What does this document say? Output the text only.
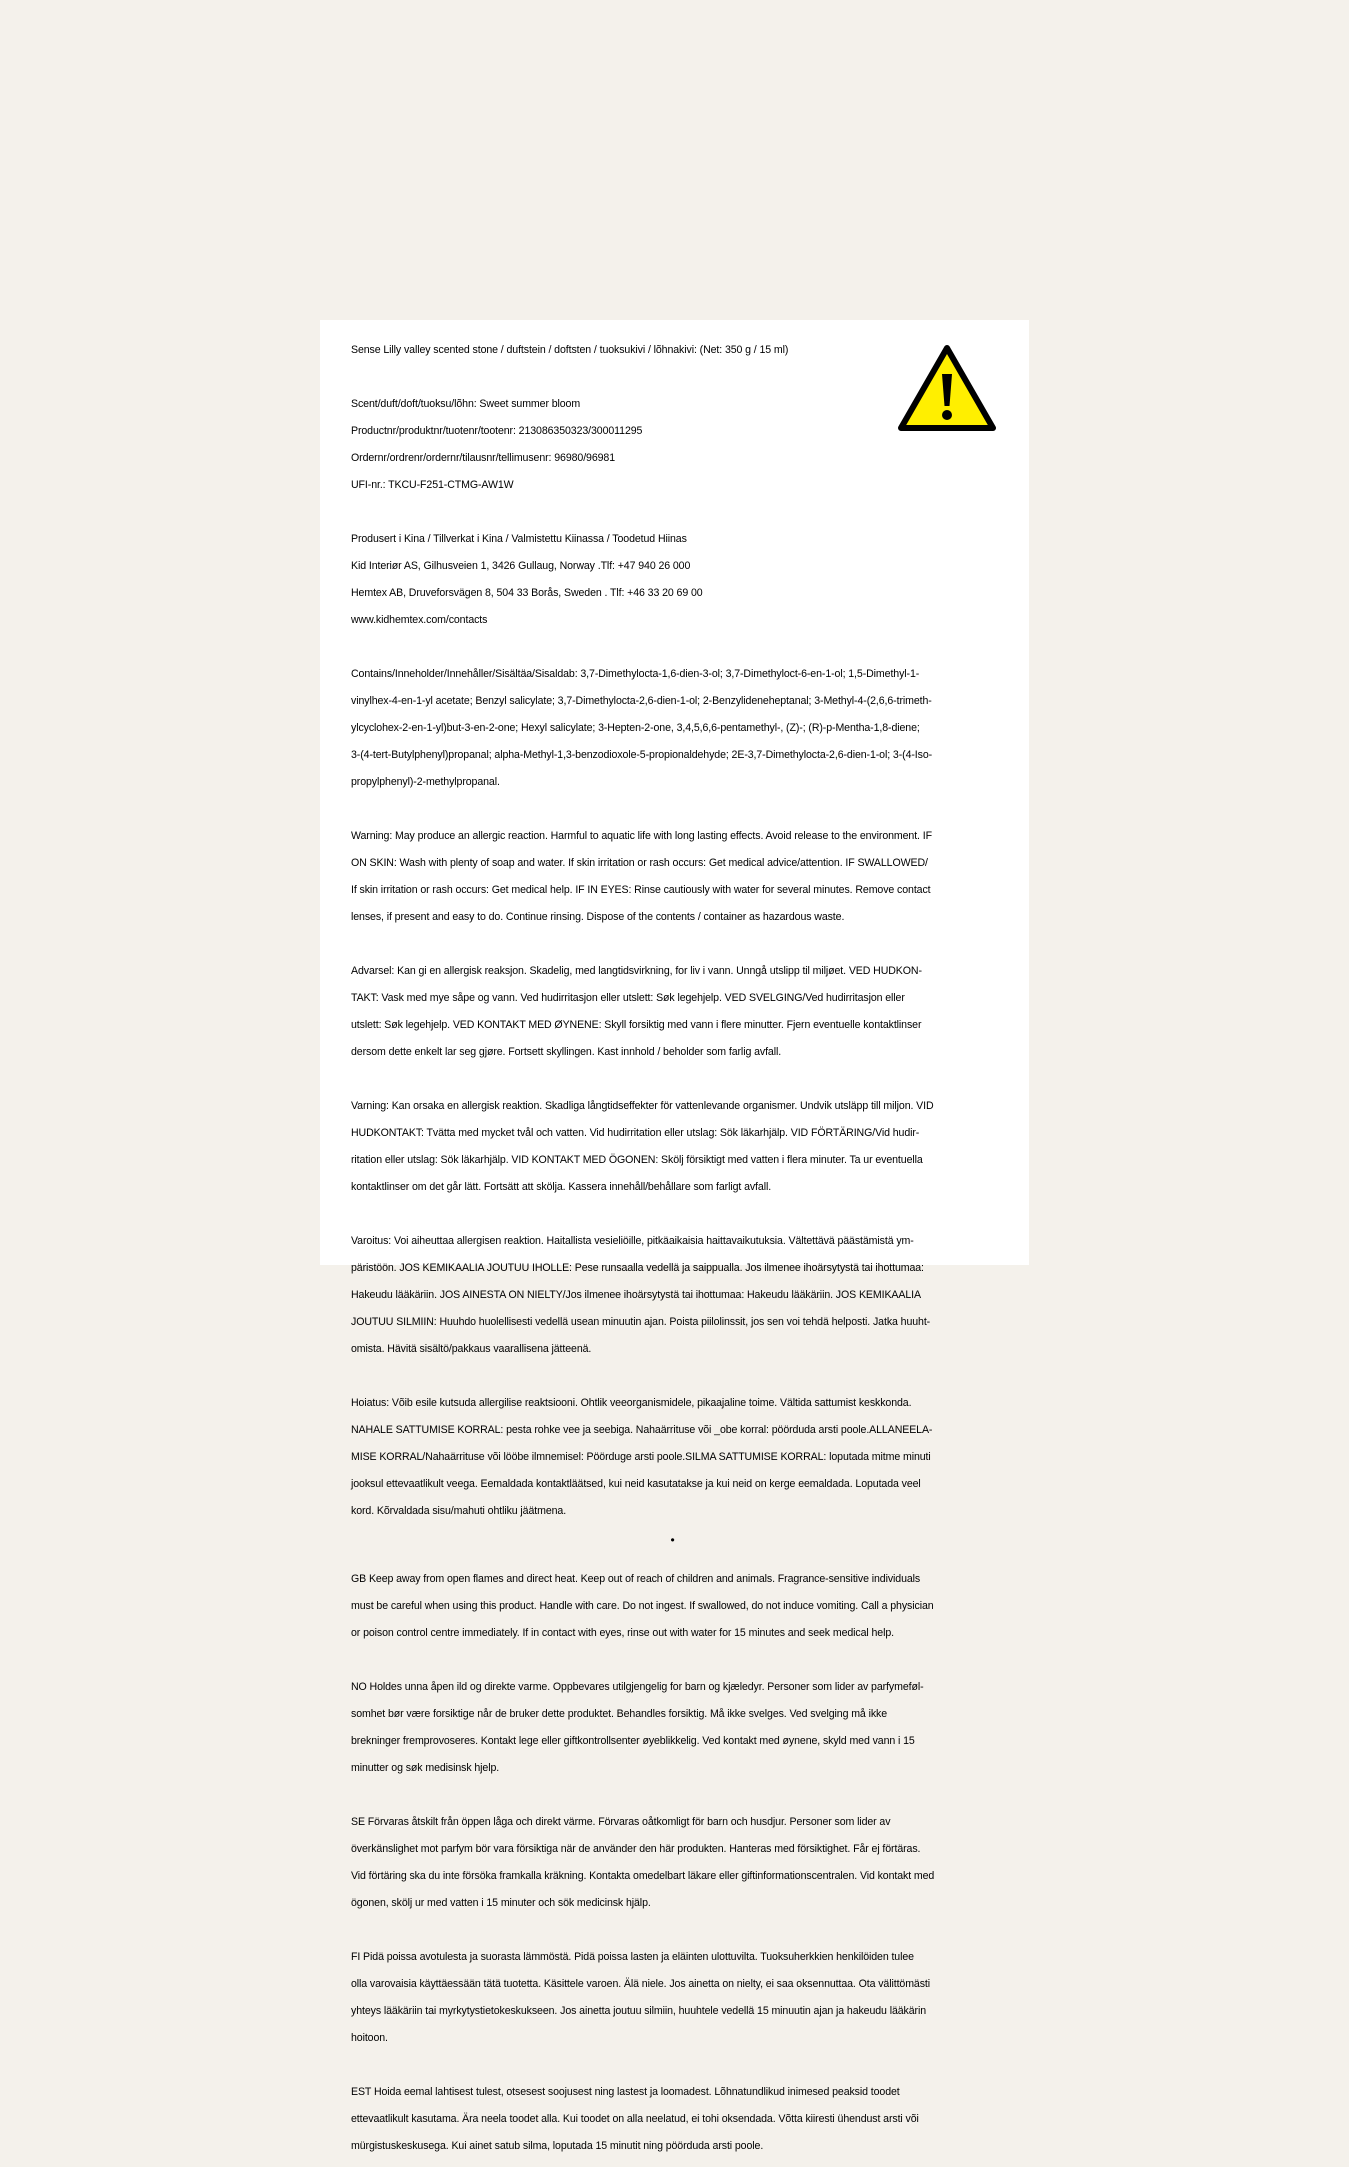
Sense Lilly valley scented stone / duftstein / doftsten / tuoksukivi / lõhnakivi: (Net: 350 g / 15 ml)

Scent/duft/doft/tuoksu/lõhn: Sweet summer bloom

Productnr/produktnr/tuotenr/tootenr: 213086350323/300011295

Ordernr/ordrenr/ordernr/tilausnr/tellimusenr: 96980/96981

UFI-nr.: TKCU-F251-CTMG-AW1W

Produsert i Kina / Tillverkat i Kina / Valmistettu Kiinassa / Toodetud Hiinas

Kid Interiør AS, Gilhusveien 1, 3426 Gullaug, Norway .Tlf: +47 940 26 000

Hemtex AB, Druveforsvägen 8, 504 33 Borås, Sweden . Tlf: +46 33 20 69 00

www.kidhemtex.com/contacts

Contains/Inneholder/Innehåller/Sisältäa/Sisaldab: 3,7-Dimethylocta-1,6-dien-3-ol; 3,7-Dimethyloct-6-en-1-ol; 1,5-Dimethyl-1-

vinylhex-4-en-1-yl acetate; Benzyl salicylate; 3,7-Dimethylocta-2,6-dien-1-ol; 2-Benzylideneheptanal; 3-Methyl-4-(2,6,6-trimeth-

ylcyclohex-2-en-1-yl)but-3-en-2-one; Hexyl salicylate; 3-Hepten-2-one, 3,4,5,6,6-pentamethyl-, (Z)-; (R)-p-Mentha-1,8-diene;

3-(4-tert-Butylphenyl)propanal; alpha-Methyl-1,3-benzodioxole-5-propionaldehyde; 2E-3,7-Dimethylocta-2,6-dien-1-ol; 3-(4-Iso-

propylphenyl)-2-methylpropanal.

Warning: May produce an allergic reaction. Harmful to aquatic life with long lasting effects. Avoid release to the environment. IF

ON SKIN: Wash with plenty of soap and water. If skin irritation or rash occurs: Get medical advice/attention. IF SWALLOWED/

If skin irritation or rash occurs: Get medical help. IF IN EYES: Rinse cautiously with water for several minutes. Remove contact

lenses, if present and easy to do. Continue rinsing. Dispose of the contents / container as hazardous waste.

Advarsel: Kan gi en allergisk reaksjon. Skadelig, med langtidsvirkning, for liv i vann. Unngå utslipp til miljøet. VED HUDKON-

TAKT: Vask med mye såpe og vann. Ved hudirritasjon eller utslett: Søk legehjelp. VED SVELGING/Ved hudirritasjon eller

utslett: Søk legehjelp. VED KONTAKT MED ØYNENE: Skyll forsiktig med vann i flere minutter. Fjern eventuelle kontaktlinser

dersom dette enkelt lar seg gjøre. Fortsett skyllingen. Kast innhold / beholder som farlig avfall.

Varning: Kan orsaka en allergisk reaktion. Skadliga långtidseffekter för vattenlevande organismer. Undvik utsläpp till miljon. VID

HUDKONTAKT: Tvätta med mycket tvål och vatten. Vid hudirritation eller utslag: Sök läkarhjälp. VID FÖRTÄRING/Vid hudir-

ritation eller utslag: Sök läkarhjälp. VID KONTAKT MED ÖGONEN: Skölj försiktigt med vatten i flera minuter. Ta ur eventuella

kontaktlinser om det går lätt. Fortsätt att skölja. Kassera innehåll/behållare som farligt avfall.

Varoitus: Voi aiheuttaa allergisen reaktion. Haitallista vesieliöille, pitkäaikaisia haittavaikutuksia. Vältettävä päästämistä ym-

päristöön. JOS KEMIKAALIA JOUTUU IHOLLE: Pese runsaalla vedellä ja saippualla. Jos ilmenee ihoärsytystä tai ihottumaa:

Hakeudu lääkäriin. JOS AINESTA ON NIELTY/Jos ilmenee ihoärsytystä tai ihottumaa: Hakeudu lääkäriin. JOS KEMIKAALIA

JOUTUU SILMIIN: Huuhdo huolellisesti vedellä usean minuutin ajan. Poista piilolinssit, jos sen voi tehdä helposti. Jatka huuht-

omista. Hävitä sisältö/pakkaus vaarallisena jätteenä.

Hoiatus: Võib esile kutsuda allergilise reaktsiooni. Ohtlik veeorganismidele, pikaajaline toime. Vältida sattumist keskkonda.

NAHALE SATTUMISE KORRAL: pesta rohke vee ja seebiga. Nahaärrituse või _obe korral: pöörduda arsti poole.ALLANEELA-

MISE KORRAL/Nahaärrituse või lööbe ilmnemisel: Pöörduge arsti poole.SILMA SATTUMISE KORRAL: loputada mitme minuti

jooksul ettevaatlikult veega. Eemaldada kontaktläätsed, kui neid kasutatakse ja kui neid on kerge eemaldada. Loputada veel

kord. Kõrvaldada sisu/mahuti ohtliku jäätmena.

•

GB Keep away from open flames and direct heat. Keep out of reach of children and animals. Fragrance-sensitive individuals

must be careful when using this product. Handle with care. Do not ingest. If swallowed, do not induce vomiting. Call a physician

or poison control centre immediately. If in contact with eyes, rinse out with water for 15 minutes and seek medical help.

NO Holdes unna åpen ild og direkte varme. Oppbevares utilgjengelig for barn og kjæledyr. Personer som lider av parfymeføl-

somhet bør være forsiktige når de bruker dette produktet. Behandles forsiktig. Må ikke svelges. Ved svelging må ikke

brekninger fremprovoseres. Kontakt lege eller giftkontrollsenter øyeblikkelig. Ved kontakt med øynene, skyld med vann i 15

minutter og søk medisinsk hjelp.

SE Förvaras åtskilt från öppen låga och direkt värme. Förvaras oåtkomligt för barn och husdjur. Personer som lider av

överkänslighet mot parfym bör vara försiktiga när de använder den här produkten. Hanteras med försiktighet. Får ej förtäras.

Vid förtäring ska du inte försöka framkalla kräkning. Kontakta omedelbart läkare eller giftinformationscentralen. Vid kontakt med

ögonen, skölj ur med vatten i 15 minuter och sök medicinsk hjälp.

FI Pidä poissa avotulesta ja suorasta lämmöstä. Pidä poissa lasten ja eläinten ulottuvilta. Tuoksuherkkien henkilöiden tulee

olla varovaisia käyttäessään tätä tuotetta. Käsittele varoen. Älä niele. Jos ainetta on nielty, ei saa oksennuttaa. Ota välittömästi

yhteys lääkäriin tai myrkytystietokeskukseen. Jos ainetta joutuu silmiin, huuhtele vedellä 15 minuutin ajan ja hakeudu lääkärin

hoitoon.

EST Hoida eemal lahtisest tulest, otsesest soojusest ning lastest ja loomadest. Lõhnatundlikud inimesed peaksid toodet

ettevaatlikult kasutama. Ära neela toodet alla. Kui toodet on alla neelatud, ei tohi oksendada. Võtta kiiresti ühendust arsti või

mürgistuskeskusega. Kui ainet satub silma, loputada 15 minutit ning pöörduda arsti poole.
